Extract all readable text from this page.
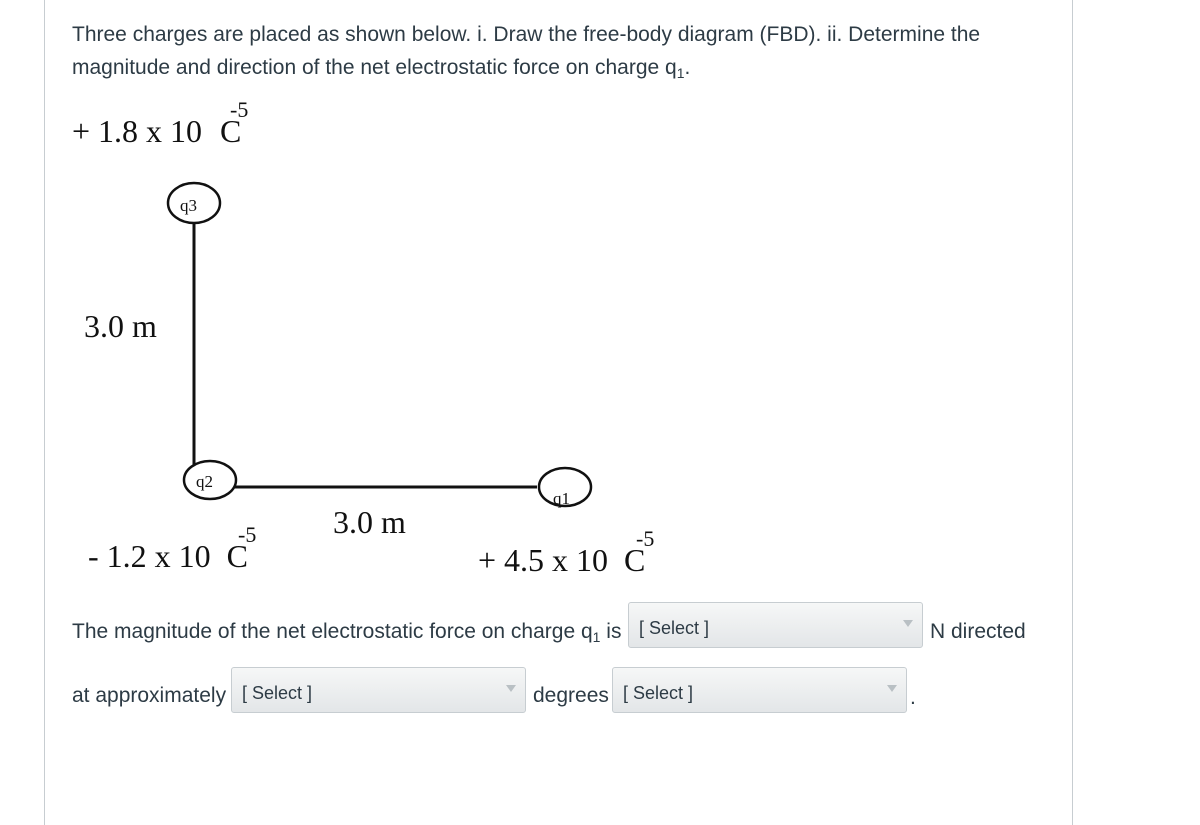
Three charges are placed as shown below. i. Draw the free-body diagram (FBD). ii. Determine the magnitude and direction of the net electrostatic force on charge $q_1$.
q3
q2
q1
+ 1.8 x 10 C
-5
3.0 m
3.0 m
- 1.2 x 10 C
-5
+ 4.5 x 10 C
-5
The magnitude of the net electrostatic force on charge $q_1$ is [ Select ]	N directed
at approximately [ Select ]	degrees [ Select ]	.
